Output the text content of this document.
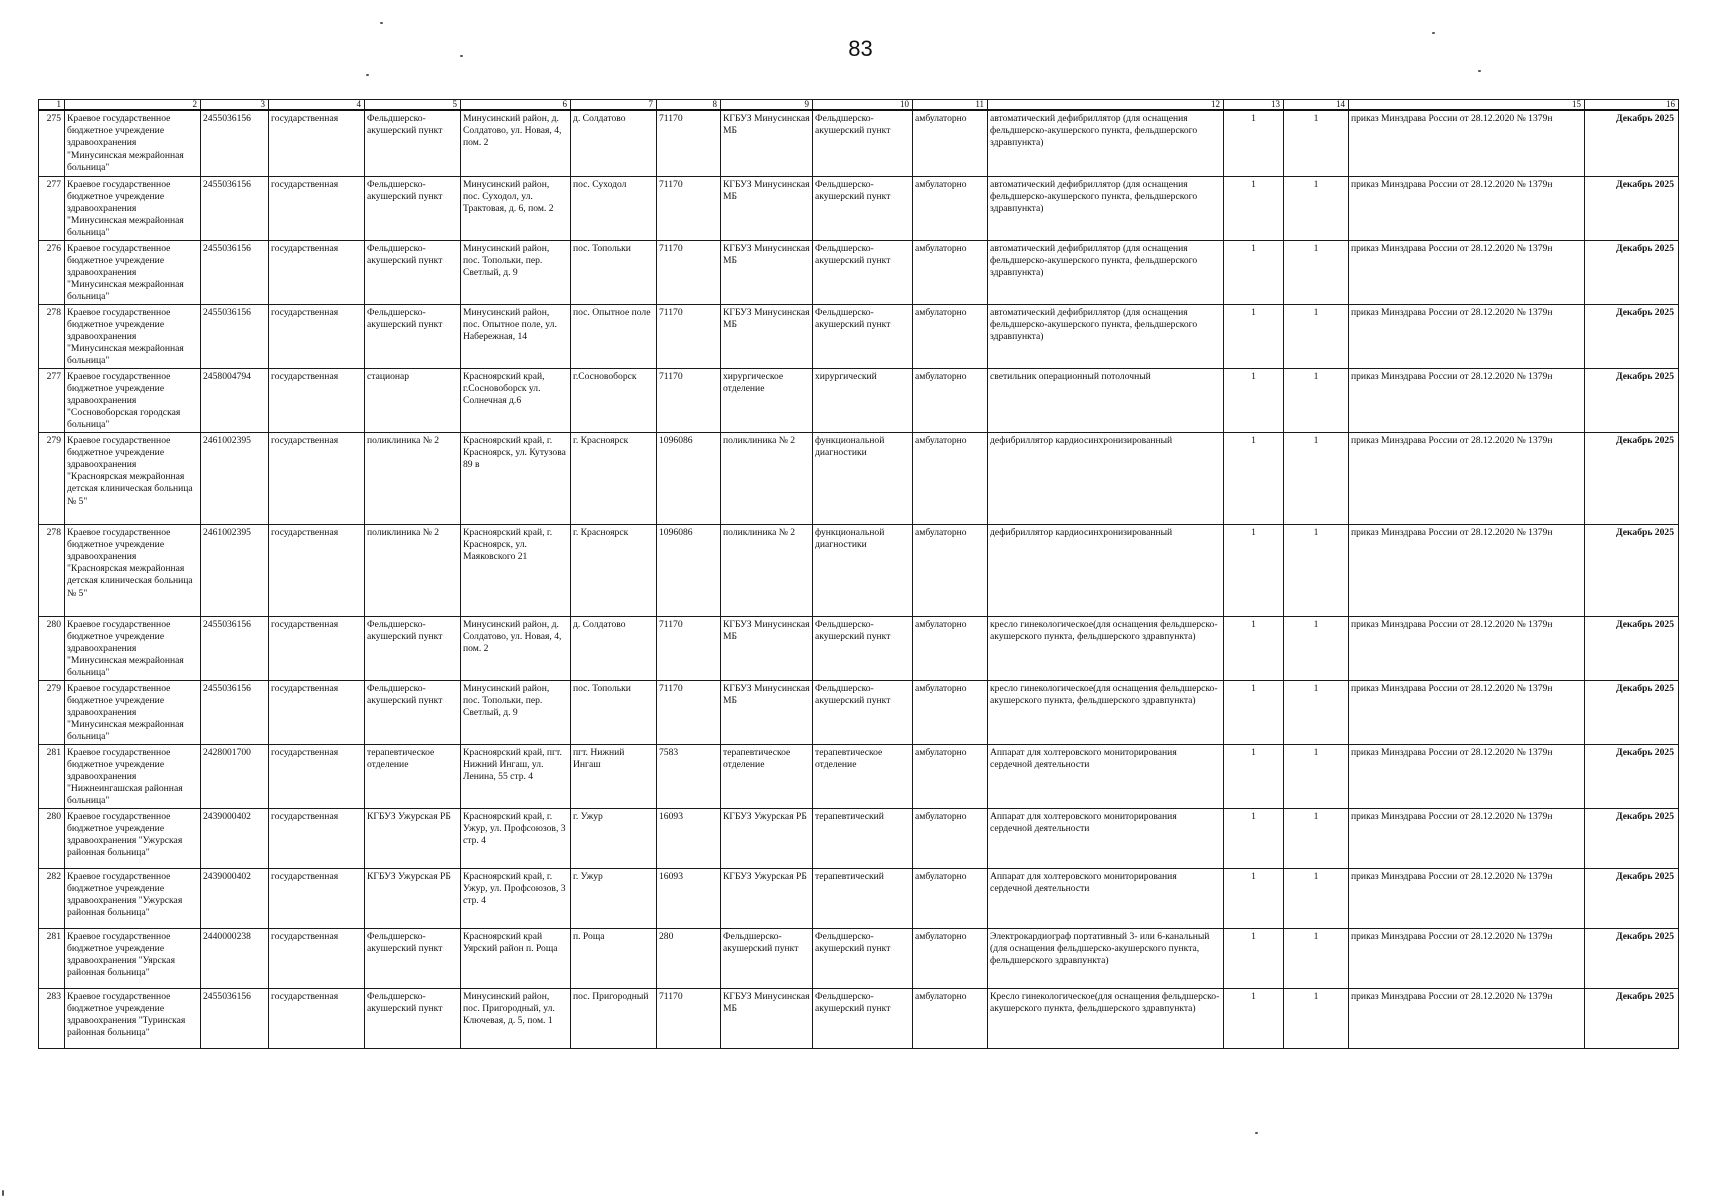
83
1	2	3	4	5	6	7	8	9	10	11	12	13	14	15	16
275	Краевое государственное бюджетное учреждение здравоохранения "Минусинская межрайонная больница"	2455036156	государственная	Фельдшерско-акушерский пункт	Минусинский район, д. Солдатово, ул. Новая, 4, пом. 2	д. Солдатово	71170	КГБУЗ Минусинская МБ	Фельдшерско-акушерский пункт	амбулаторно	автоматический дефибриллятор (для оснащения фельдшерско-акушерского пункта, фельдшерского здравпункта)	1	1	приказ Минздрава России от 28.12.2020 № 1379н	Декабрь 2025
277	Краевое государственное бюджетное учреждение здравоохранения "Минусинская межрайонная больница"	2455036156	государственная	Фельдшерско-акушерский пункт	Минусинский район, пос. Суходол, ул. Трактовая, д. 6, пом. 2	пос. Суходол	71170	КГБУЗ Минусинская МБ	Фельдшерско-акушерский пункт	амбулаторно	автоматический дефибриллятор (для оснащения фельдшерско-акушерского пункта, фельдшерского здравпункта)	1	1	приказ Минздрава России от 28.12.2020 № 1379н	Декабрь 2025
276	Краевое государственное бюджетное учреждение здравоохранения "Минусинская межрайонная больница"	2455036156	государственная	Фельдшерско-акушерский пункт	Минусинский район, пос. Топольки, пер. Светлый, д. 9	пос. Топольки	71170	КГБУЗ Минусинская МБ	Фельдшерско-акушерский пункт	амбулаторно	автоматический дефибриллятор (для оснащения фельдшерско-акушерского пункта, фельдшерского здравпункта)	1	1	приказ Минздрава России от 28.12.2020 № 1379н	Декабрь 2025
278	Краевое государственное бюджетное учреждение здравоохранения "Минусинская межрайонная больница"	2455036156	государственная	Фельдшерско-акушерский пункт	Минусинский район, пос. Опытное поле, ул. Набережная, 14	пос. Опытное поле	71170	КГБУЗ Минусинская МБ	Фельдшерско-акушерский пункт	амбулаторно	автоматический дефибриллятор (для оснащения фельдшерско-акушерского пункта, фельдшерского здравпункта)	1	1	приказ Минздрава России от 28.12.2020 № 1379н	Декабрь 2025
277	Краевое государственное бюджетное учреждение здравоохранения "Сосновоборская городская больница"	2458004794	государственная	стационар	Красноярский край, г.Сосновоборск ул. Солнечная д.6	г.Сосновоборск	71170	хирургическое отделение	хирургический	амбулаторно	светильник операционный потолочный	1	1	приказ Минздрава России от 28.12.2020 № 1379н	Декабрь 2025
279	Краевое государственное бюджетное учреждение здравоохранения "Красноярская межрайонная детская клиническая больница № 5"	2461002395	государственная	поликлиника № 2	Красноярский край, г. Красноярск, ул. Кутузова 89 в	г. Красноярск	1096086	поликлиника № 2	функциональной диагностики	амбулаторно	дефибриллятор кардиосинхронизированный	1	1	приказ Минздрава России от 28.12.2020 № 1379н	Декабрь 2025
278	Краевое государственное бюджетное учреждение здравоохранения "Красноярская межрайонная детская клиническая больница № 5"	2461002395	государственная	поликлиника № 2	Красноярский край, г. Красноярск, ул. Маяковского 21	г. Красноярск	1096086	поликлиника № 2	функциональной диагностики	амбулаторно	дефибриллятор кардиосинхронизированный	1	1	приказ Минздрава России от 28.12.2020 № 1379н	Декабрь 2025
280	Краевое государственное бюджетное учреждение здравоохранения "Минусинская межрайонная больница"	2455036156	государственная	Фельдшерско-акушерский пункт	Минусинский район, д. Солдатово, ул. Новая, 4, пом. 2	д. Солдатово	71170	КГБУЗ Минусинская МБ	Фельдшерско-акушерский пункт	амбулаторно	кресло гинекологическое(для оснащения фельдшерско-акушерского пункта, фельдшерского здравпункта)	1	1	приказ Минздрава России от 28.12.2020 № 1379н	Декабрь 2025
279	Краевое государственное бюджетное учреждение здравоохранения "Минусинская межрайонная больница"	2455036156	государственная	Фельдшерско-акушерский пункт	Минусинский район, пос. Топольки, пер. Светлый, д. 9	пос. Топольки	71170	КГБУЗ Минусинская МБ	Фельдшерско-акушерский пункт	амбулаторно	кресло гинекологическое(для оснащения фельдшерско-акушерского пункта, фельдшерского здравпункта)	1	1	приказ Минздрава России от 28.12.2020 № 1379н	Декабрь 2025
281	Краевое государственное бюджетное учреждение здравоохранения "Нижнеингашская районная больница"	2428001700	государственная	терапевтическое отделение	Красноярский край, пгт. Нижний Ингаш, ул. Ленина, 55 стр. 4	пгт. Нижний Ингаш	7583	терапевтическое отделение	терапевтическое отделение	амбулаторно	Аппарат для холтеровского мониторирования сердечной деятельности	1	1	приказ Минздрава России от 28.12.2020 № 1379н	Декабрь 2025
280	Краевое государственное бюджетное учреждение здравоохранения "Ужурская районная больница"	2439000402	государственная	КГБУЗ Ужурская РБ	Красноярский край, г. Ужур, ул. Профсоюзов, 3 стр. 4	г. Ужур	16093	КГБУЗ Ужурская РБ	терапевтический	амбулаторно	Аппарат для холтеровского мониторирования сердечной деятельности	1	1	приказ Минздрава России от 28.12.2020 № 1379н	Декабрь 2025
282	Краевое государственное бюджетное учреждение здравоохранения "Ужурская районная больница"	2439000402	государственная	КГБУЗ Ужурская РБ	Красноярский край, г. Ужур, ул. Профсоюзов, 3 стр. 4	г. Ужур	16093	КГБУЗ Ужурская РБ	терапевтический	амбулаторно	Аппарат для холтеровского мониторирования сердечной деятельности	1	1	приказ Минздрава России от 28.12.2020 № 1379н	Декабрь 2025
281	Краевое государственное бюджетное учреждение здравоохранения "Уярская районная больница"	2440000238	государственная	Фельдшерско-акушерский пункт	Красноярский край Уярский район п. Роща	п. Роща	280	Фельдшерско-акушерский пункт	Фельдшерско-акушерский пункт	амбулаторно	Электрокардиограф портативный 3- или 6-канальный (для оснащения фельдшерско-акушерского пункта, фельдшерского здравпункта)	1	1	приказ Минздрава России от 28.12.2020 № 1379н	Декабрь 2025
283	Краевое государственное бюджетное учреждение здравоохранения "Туринская районная больница"	2455036156	государственная	Фельдшерско-акушерский пункт	Минусинский район, пос. Пригородный, ул. Ключевая, д. 5, пом. 1	пос. Пригородный	71170	КГБУЗ Минусинская МБ	Фельдшерско-акушерский пункт	амбулаторно	Кресло гинекологическое(для оснащения фельдшерско-акушерского пункта, фельдшерского здравпункта)	1	1	приказ Минздрава России от 28.12.2020 № 1379н	Декабрь 2025
